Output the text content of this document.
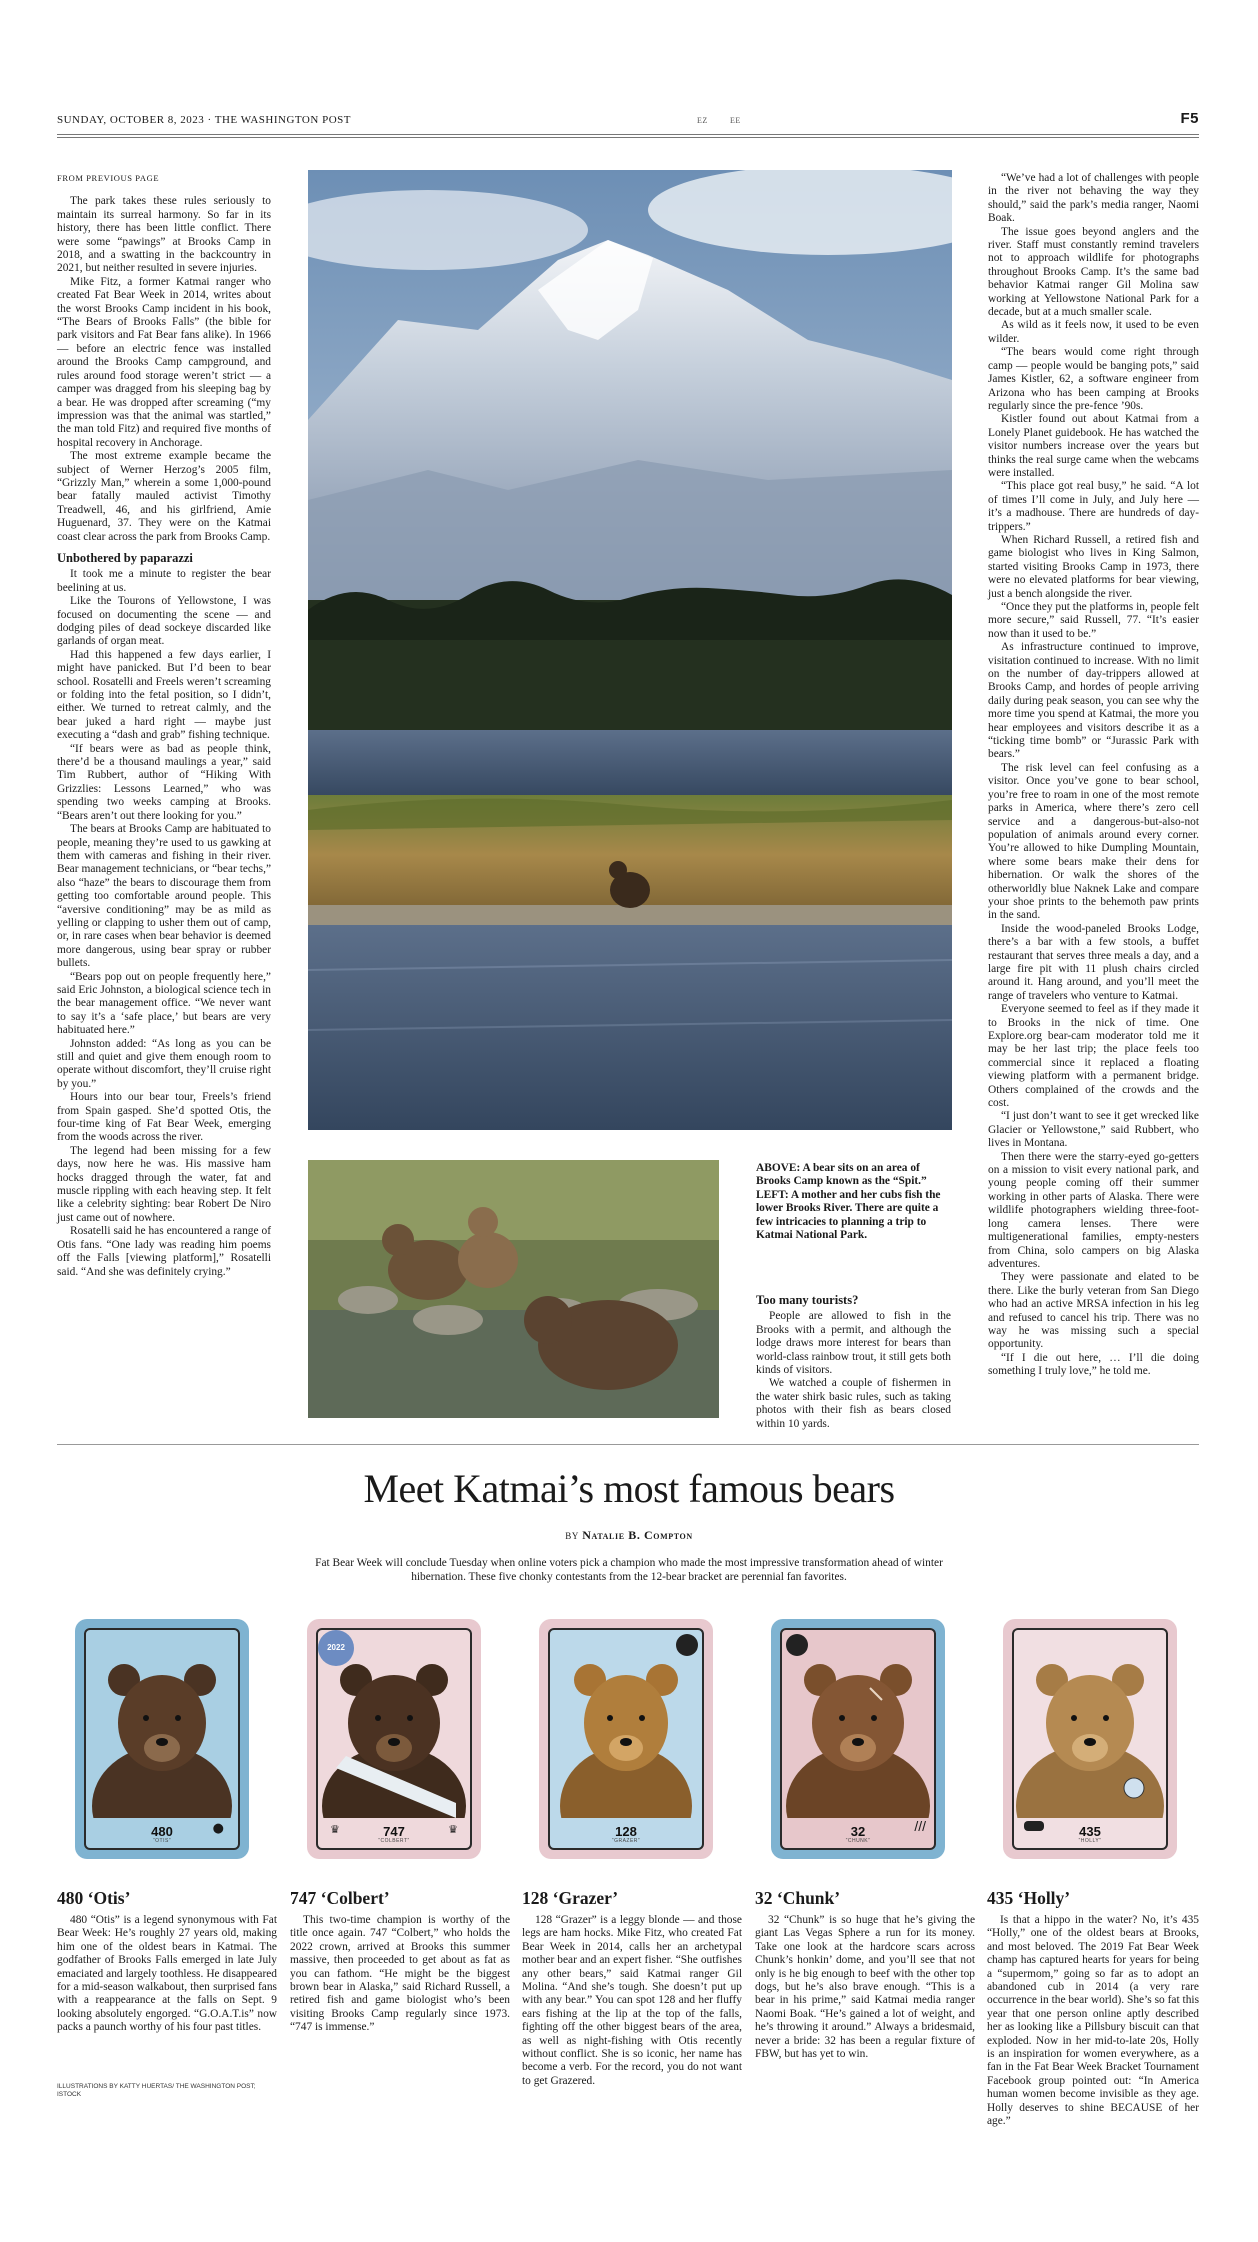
SUNDAY, OCTOBER 8, 2023 · THE WASHINGTON POST	EZ	EE	F5
FROM PREVIOUS PAGE

The park takes these rules seriously to maintain its surreal harmony. So far in its history, there has been little conflict. There were some “pawings” at Brooks Camp in 2018, and a swatting in the backcountry in 2021, but neither resulted in severe injuries.

Mike Fitz, a former Katmai ranger who created Fat Bear Week in 2014, writes about the worst Brooks Camp incident in his book, “The Bears of Brooks Falls” (the bible for park visitors and Fat Bear fans alike). In 1966 — before an electric fence was installed around the Brooks Camp campground, and rules around food storage weren’t strict — a camper was dragged from his sleeping bag by a bear. He was dropped after screaming (“my impression was that the animal was startled,” the man told Fitz) and required five months of hospital recovery in Anchorage.

The most extreme example became the subject of Werner Herzog’s 2005 film, “Grizzly Man,” wherein a some 1,000-pound bear fatally mauled activist Timothy Treadwell, 46, and his girlfriend, Amie Huguenard, 37. They were on the Katmai coast clear across the park from Brooks Camp.

Unbothered by paparazzi

It took me a minute to register the bear beelining at us.

Like the Tourons of Yellowstone, I was focused on documenting the scene — and dodging piles of dead sockeye discarded like garlands of organ meat.

Had this happened a few days earlier, I might have panicked. But I’d been to bear school. Rosatelli and Freels weren’t screaming or folding into the fetal position, so I didn’t, either. We turned to retreat calmly, and the bear juked a hard right — maybe just executing a “dash and grab” fishing technique.

“If bears were as bad as people think, there’d be a thousand maulings a year,” said Tim Rubbert, author of “Hiking With Grizzlies: Lessons Learned,” who was spending two weeks camping at Brooks. “Bears aren’t out there looking for you.”

The bears at Brooks Camp are habituated to people, meaning they’re used to us gawking at them with cameras and fishing in their river. Bear management technicians, or “bear techs,” also “haze” the bears to discourage them from getting too comfortable around people. This “aversive conditioning” may be as mild as yelling or clapping to usher them out of camp, or, in rare cases when bear behavior is deemed more dangerous, using bear spray or rubber bullets.

“Bears pop out on people frequently here,” said Eric Johnston, a biological science tech in the bear management office. “We never want to say it’s a ‘safe place,’ but bears are very habituated here.”

Johnston added: “As long as you can be still and quiet and give them enough room to operate without discomfort, they’ll cruise right by you.”

Hours into our bear tour, Freels’s friend from Spain gasped. She’d spotted Otis, the four-time king of Fat Bear Week, emerging from the woods across the river.

The legend had been missing for a few days, now here he was. His massive ham hocks dragged through the water, fat and muscle rippling with each heaving step. It felt like a celebrity sighting: bear Robert De Niro just came out of nowhere.

Rosatelli said he has encountered a range of Otis fans. “One lady was reading him poems off the Falls [viewing platform],” Rosatelli said. “And she was definitely crying.”

ABOVE: A bear sits on an area of Brooks Camp known as the “Spit.” LEFT: A mother and her cubs fish the lower Brooks River. There are quite a few intricacies to planning a trip to Katmai National Park.
Too many tourists?

People are allowed to fish in the Brooks with a permit, and although the lodge draws more interest for bears than world-class rainbow trout, it still gets both kinds of visitors.

We watched a couple of fishermen in the water shirk basic rules, such as taking photos with their fish as bears closed within 10 yards.

“We’ve had a lot of challenges with people in the river not behaving the way they should,” said the park’s media ranger, Naomi Boak.

The issue goes beyond anglers and the river. Staff must constantly remind travelers not to approach wildlife for photographs throughout Brooks Camp. It’s the same bad behavior Katmai ranger Gil Molina saw working at Yellowstone National Park for a decade, but at a much smaller scale.

As wild as it feels now, it used to be even wilder.

“The bears would come right through camp — people would be banging pots,” said James Kistler, 62, a software engineer from Arizona who has been camping at Brooks regularly since the pre-fence ’90s.

Kistler found out about Katmai from a Lonely Planet guidebook. He has watched the visitor numbers increase over the years but thinks the real surge came when the webcams were installed.

“This place got real busy,” he said. “A lot of times I’ll come in July, and July here — it’s a madhouse. There are hundreds of day-trippers.”

When Richard Russell, a retired fish and game biologist who lives in King Salmon, started visiting Brooks Camp in 1973, there were no elevated platforms for bear viewing, just a bench alongside the river.

“Once they put the platforms in, people felt more secure,” said Russell, 77. “It’s easier now than it used to be.”

As infrastructure continued to improve, visitation continued to increase. With no limit on the number of day-trippers allowed at Brooks Camp, and hordes of people arriving daily during peak season, you can see why the more time you spend at Katmai, the more you hear employees and visitors describe it as a “ticking time bomb” or “Jurassic Park with bears.”

The risk level can feel confusing as a visitor. Once you’ve gone to bear school, you’re free to roam in one of the most remote parks in America, where there’s zero cell service and a dangerous-but-also-not population of animals around every corner. You’re allowed to hike Dumpling Mountain, where some bears make their dens for hibernation. Or walk the shores of the otherworldly blue Naknek Lake and compare your shoe prints to the behemoth paw prints in the sand.

Inside the wood-paneled Brooks Lodge, there’s a bar with a few stools, a buffet restaurant that serves three meals a day, and a large fire pit with 11 plush chairs circled around it. Hang around, and you’ll meet the range of travelers who venture to Katmai.

Everyone seemed to feel as if they made it to Brooks in the nick of time. One Explore.org bear-cam moderator told me it may be her last trip; the place feels too commercial since it replaced a floating viewing platform with a permanent bridge. Others complained of the crowds and the cost.

“I just don’t want to see it get wrecked like Glacier or Yellowstone,” said Rubbert, who lives in Montana.

Then there were the starry-eyed go-getters on a mission to visit every national park, and young people coming off their summer working in other parts of Alaska. There were wildlife photographers wielding three-foot-long camera lenses. There were multigenerational families, empty-nesters from China, solo campers on big Alaska adventures.

They were passionate and elated to be there. Like the burly veteran from San Diego who had an active MRSA infection in his leg and refused to cancel his trip. There was no way he was missing such a special opportunity.

“If I die out here, … I’ll die doing something I truly love,” he told me.

Meet Katmai’s most famous bears
BY Natalie B. Compton
Fat Bear Week will conclude Tuesday when online voters pick a champion who made the most impressive transformation ahead of winter hibernation. These five chonky contestants from the 12-bear bracket are perennial fan favorites.
480
“OTIS”
●
2022
747
“COLBERT”
♛	♛	128
“GRAZER”
///
32
“CHUNK”
435
“HOLLY”
480 ‘Otis’

480 “Otis” is a legend synonymous with Fat Bear Week: He’s roughly 27 years old, making him one of the oldest bears in Katmai. The godfather of Brooks Falls emerged in late July emaciated and largely toothless. He disappeared for a mid-season walkabout, then surprised fans with a reappearance at the falls on Sept. 9 looking absolutely engorged. “G.O.A.T.is” now packs a paunch worthy of his four past titles.

747 ‘Colbert’

This two-time champion is worthy of the title once again. 747 “Colbert,” who holds the 2022 crown, arrived at Brooks this summer massive, then proceeded to get about as fat as you can fathom. “He might be the biggest brown bear in Alaska,” said Richard Russell, a retired fish and game biologist who’s been visiting Brooks Camp regularly since 1973. “747 is immense.”

128 ‘Grazer’

128 “Grazer” is a leggy blonde — and those legs are ham hocks. Mike Fitz, who created Fat Bear Week in 2014, calls her an archetypal mother bear and an expert fisher. “She outfishes any other bears,” said Katmai ranger Gil Molina. “And she’s tough. She doesn’t put up with any bear.” You can spot 128 and her fluffy ears fishing at the lip at the top of the falls, fighting off the other biggest bears of the area, as well as night-fishing with Otis recently without conflict. She is so iconic, her name has become a verb. For the record, you do not want to get Grazered.

32 ‘Chunk’

32 “Chunk” is so huge that he’s giving the giant Las Vegas Sphere a run for its money. Take one look at the hardcore scars across Chunk’s honkin’ dome, and you’ll see that not only is he big enough to beef with the other top dogs, but he’s also brave enough. “This is a bear in his prime,” said Katmai media ranger Naomi Boak. “He’s gained a lot of weight, and he’s throwing it around.” Always a bridesmaid, never a bride: 32 has been a regular fixture of FBW, but has yet to win.

435 ‘Holly’

Is that a hippo in the water? No, it’s 435 “Holly,” one of the oldest bears at Brooks, and most beloved. The 2019 Fat Bear Week champ has captured hearts for years for being a “supermom,” going so far as to adopt an abandoned cub in 2014 (a very rare occurrence in the bear world). She’s so fat this year that one person online aptly described her as looking like a Pillsbury biscuit can that exploded. Now in her mid-to-late 20s, Holly is an inspiration for women everywhere, as a fan in the Fat Bear Week Bracket Tournament Facebook group pointed out: “In America human women become invisible as they age. Holly deserves to shine BECAUSE of her age.”

ILLUSTRATIONS BY KATTY HUERTAS/ THE WASHINGTON POST; ISTOCK
